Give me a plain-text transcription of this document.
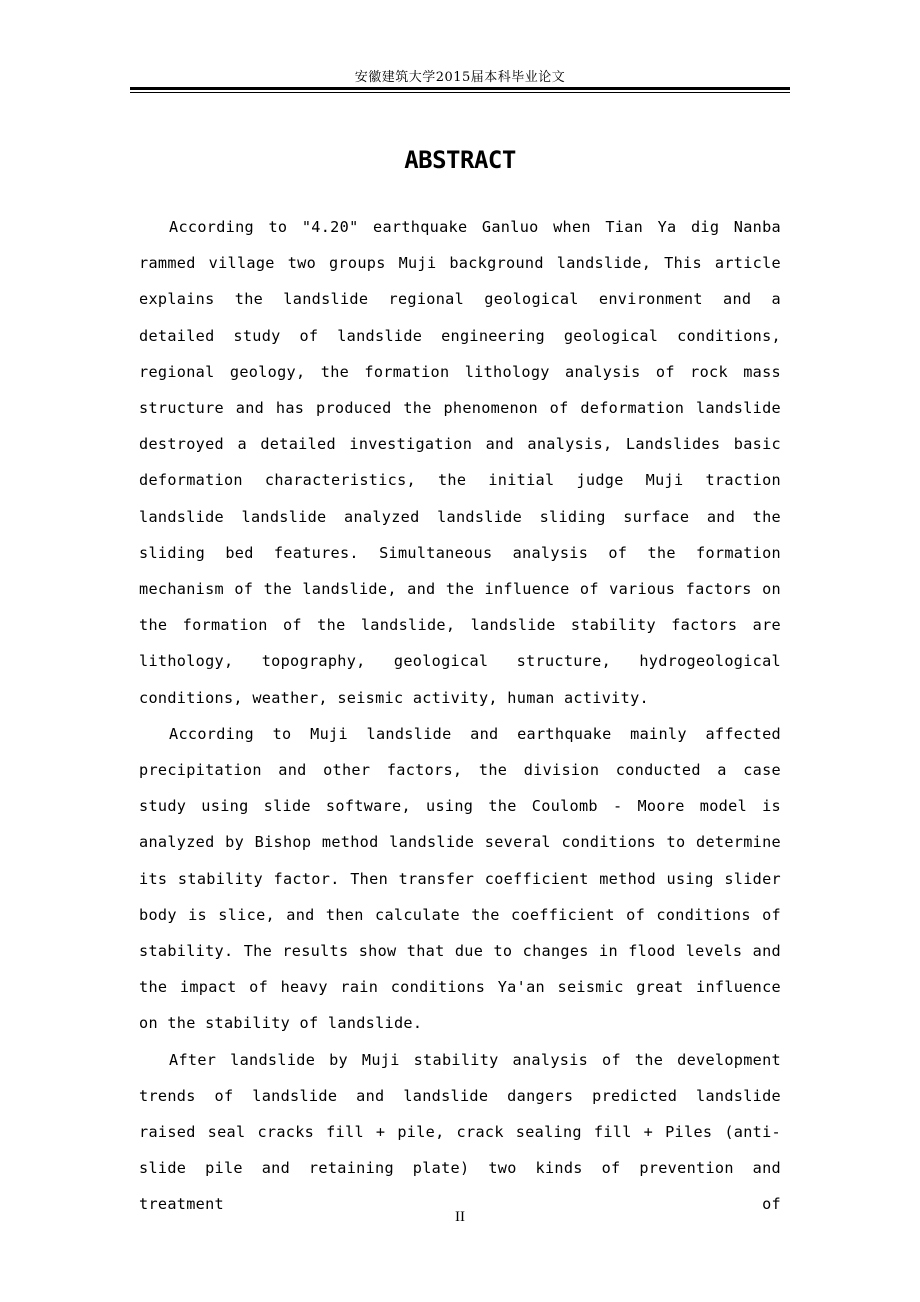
安徽建筑大学2015届本科毕业论文
ABSTRACT

According to "4.20" earthquake Ganluo when Tian Ya dig Nanba rammed village two groups Muji background landslide, This article explains the landslide regional geological environment and a detailed study of landslide engineering geological conditions, regional geology, the formation lithology analysis of rock mass structure and has produced the phenomenon of deformation landslide destroyed a detailed investigation and analysis, Landslides basic deformation characteristics, the initial judge Muji traction landslide landslide analyzed landslide sliding surface and the sliding bed features. Simultaneous analysis of the formation mechanism of the landslide, and the influence of various factors on the formation of the landslide, landslide stability factors are lithology, topography, geological structure, hydrogeological conditions, weather, seismic activity, human activity.

According to Muji landslide and earthquake mainly affected precipitation and other factors, the division conducted a case study using slide software, using the Coulomb - Moore model is analyzed by Bishop method landslide several conditions to determine its stability factor. Then transfer coefficient method using slider body is slice, and then calculate the coefficient of conditions of stability. The results show that due to changes in flood levels and the impact of heavy rain conditions Ya'an seismic great influence on the stability of landslide.

After landslide by Muji stability analysis of the development trends of landslide and landslide dangers predicted landslide raised seal cracks fill + pile, crack sealing fill + Piles (anti-slide pile and retaining plate) two kinds of prevention and treatment of

II
